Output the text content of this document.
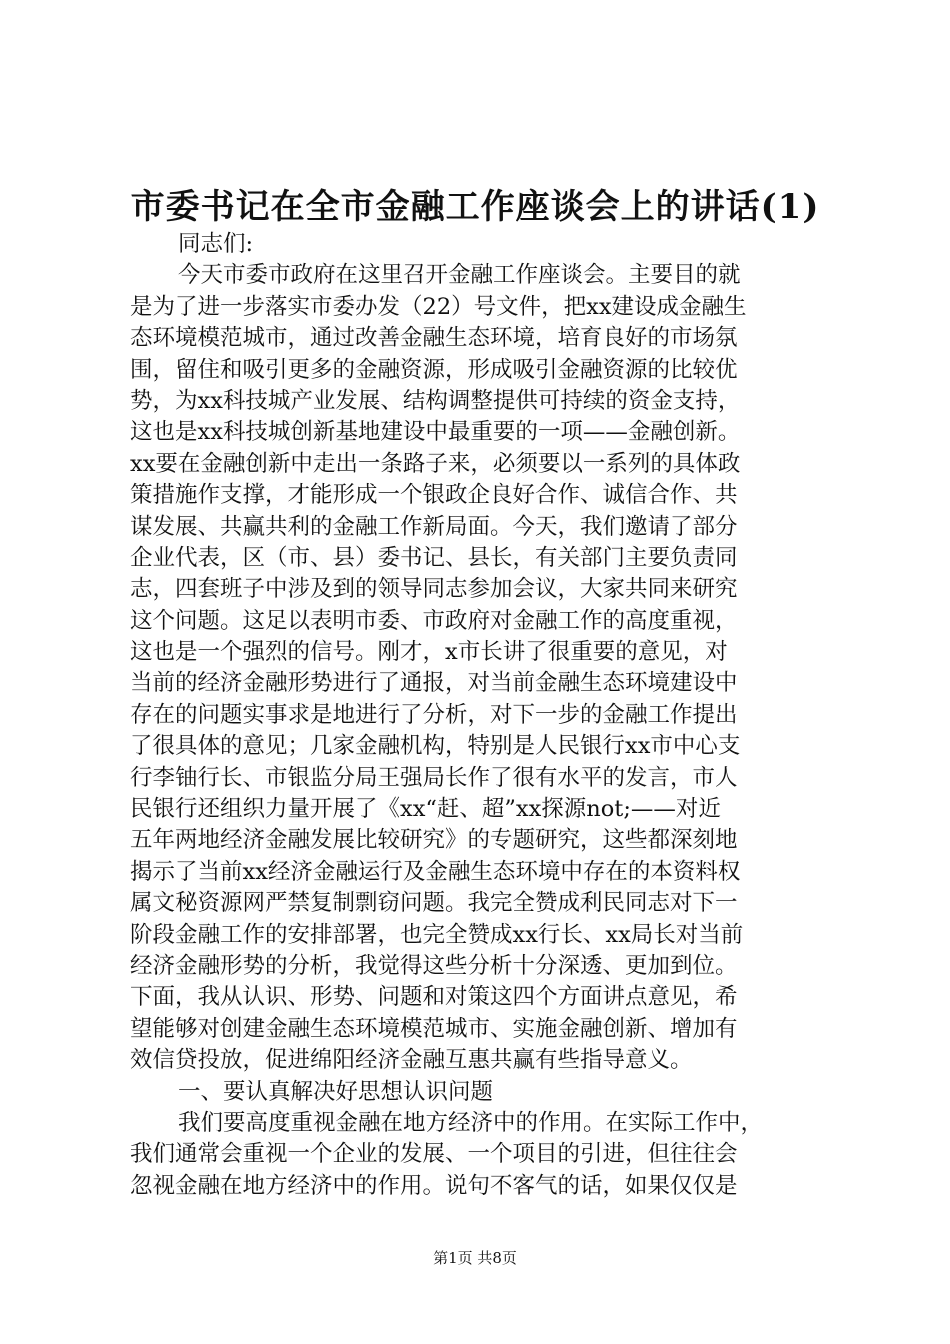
市委书记在全市金融工作座谈会上的讲话(1)

同志们:

今天市委市政府在这里召开金融工作座谈会。主要目的就

是为了进一步落实市委办发（22）号文件，把xx建设成金融生

态环境模范城市，通过改善金融生态环境，培育良好的市场氛

围，留住和吸引更多的金融资源，形成吸引金融资源的比较优

势，为xx科技城产业发展、结构调整提供可持续的资金支持，

这也是xx科技城创新基地建设中最重要的一项——金融创新。

xx要在金融创新中走出一条路子来，必须要以一系列的具体政

策措施作支撑，才能形成一个银政企良好合作、诚信合作、共

谋发展、共赢共利的金融工作新局面。今天，我们邀请了部分

企业代表，区（市、县）委书记、县长，有关部门主要负责同

志，四套班子中涉及到的领导同志参加会议，大家共同来研究

这个问题。这足以表明市委、市政府对金融工作的高度重视，

这也是一个强烈的信号。刚才，x市长讲了很重要的意见，对

当前的经济金融形势进行了通报，对当前金融生态环境建设中

存在的问题实事求是地进行了分析，对下一步的金融工作提出

了很具体的意见；几家金融机构，特别是人民银行xx市中心支

行李铀行长、市银监分局王强局长作了很有水平的发言，市人

民银行还组织力量开展了《xx“赶、超”xx探源not;——对近

五年两地经济金融发展比较研究》的专题研究，这些都深刻地

揭示了当前xx经济金融运行及金融生态环境中存在的本资料权

属文秘资源网严禁复制剽窃问题。我完全赞成利民同志对下一

阶段金融工作的安排部署，也完全赞成xx行长、xx局长对当前

经济金融形势的分析，我觉得这些分析十分深透、更加到位。

下面，我从认识、形势、问题和对策这四个方面讲点意见，希

望能够对创建金融生态环境模范城市、实施金融创新、增加有

效信贷投放，促进绵阳经济金融互惠共赢有些指导意义。

一、要认真解决好思想认识问题

我们要高度重视金融在地方经济中的作用。在实际工作中，

我们通常会重视一个企业的发展、一个项目的引进，但往往会

忽视金融在地方经济中的作用。说句不客气的话，如果仅仅是

第1页 共8页
